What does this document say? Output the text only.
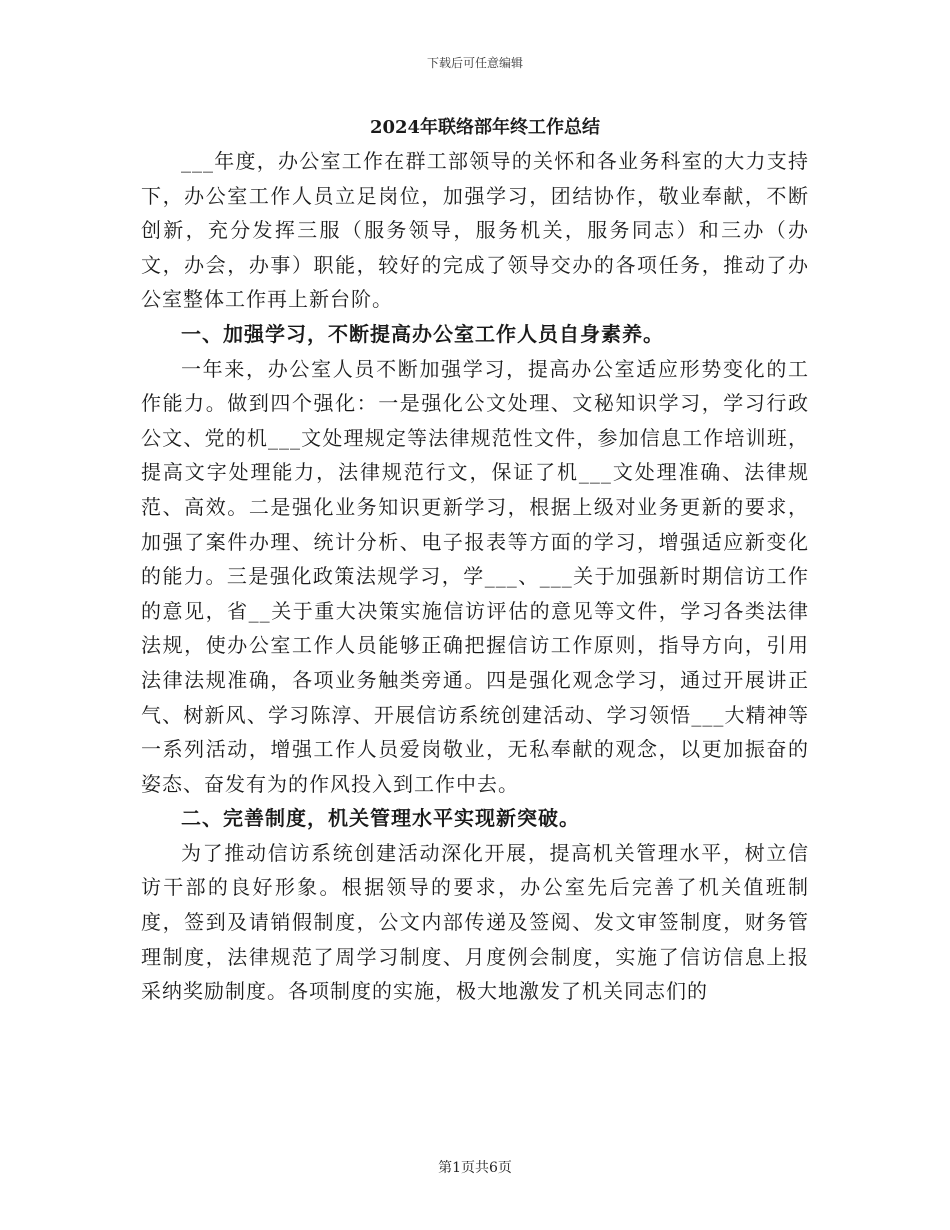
下载后可任意编辑
2024年联络部年终工作总结

___年度，办公室工作在群工部领导的关怀和各业务科室的大力支持下，办公室工作人员立足岗位，加强学习，团结协作，敬业奉献，不断创新，充分发挥三服（服务领导，服务机关，服务同志）和三办（办文，办会，办事）职能，较好的完成了领导交办的各项任务，推动了办公室整体工作再上新台阶。

一、加强学习，不断提高办公室工作人员自身素养。

一年来，办公室人员不断加强学习，提高办公室适应形势变化的工作能力。做到四个强化：一是强化公文处理、文秘知识学习，学习行政公文、党的机___文处理规定等法律规范性文件，参加信息工作培训班，提高文字处理能力，法律规范行文，保证了机___文处理准确、法律规范、高效。二是强化业务知识更新学习，根据上级对业务更新的要求，加强了案件办理、统计分析、电子报表等方面的学习，增强适应新变化的能力。三是强化政策法规学习，学___、___关于加强新时期信访工作的意见，省__关于重大决策实施信访评估的意见等文件，学习各类法律法规，使办公室工作人员能够正确把握信访工作原则，指导方向，引用法律法规准确，各项业务触类旁通。四是强化观念学习，通过开展讲正气、树新风、学习陈淳、开展信访系统创建活动、学习领悟___大精神等一系列活动，增强工作人员爱岗敬业，无私奉献的观念，以更加振奋的姿态、奋发有为的作风投入到工作中去。

二、完善制度，机关管理水平实现新突破。

为了推动信访系统创建活动深化开展，提高机关管理水平，树立信访干部的良好形象。根据领导的要求，办公室先后完善了机关值班制度，签到及请销假制度，公文内部传递及签阅、发文审签制度，财务管理制度，法律规范了周学习制度、月度例会制度，实施了信访信息上报采纳奖励制度。各项制度的实施，极大地激发了机关同志们的

第1页共6页
